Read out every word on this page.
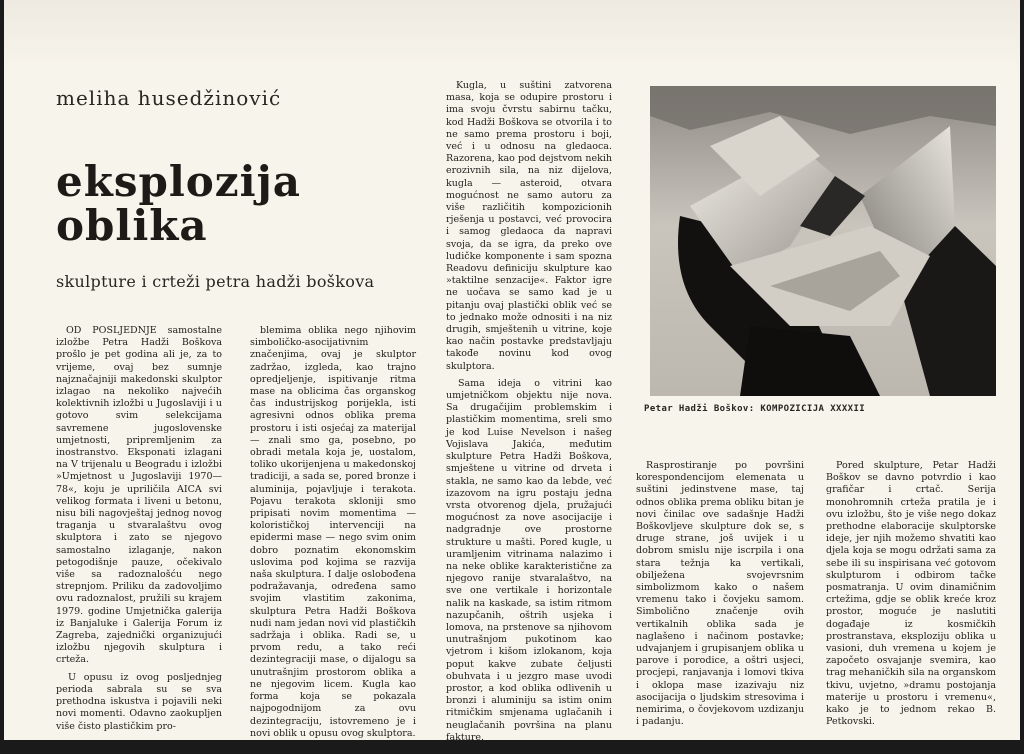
meliha husedžinović
eksplozija
oblika
skulpture i crteži petra hadži boškova

OD POSLJEDNJE samostalne izložbe Petra Hadži Boškova prošlo je pet godina ali je, za to vrijeme, ovaj bez sumnje najznačajniji makedonski skulptor izlagao na nekoliko najvećih kolektivnih izložbi u Jugoslaviji i u gotovo svim selekcijama savremene jugoslovenske umjetnosti, pripremljenim za inostranstvo. Eksponati izlagani na V trijenalu u Beogradu i izložbi »Umjetnost u Jugoslaviji 1970—78«, koju je upriličila AICA svi velikog formata i liveni u betonu, nisu bili nagovještaj jednog novog traganja u stvaralaštvu ovog skulptora i zato se njegovo samostalno izlaganje, nakon petogodišnje pauze, očekivalo više sa radoznalošću nego strepnjom. Priliku da zadovoljimo ovu radoznalost, pružili su krajem 1979. godine Umjetnička galerija iz Banjaluke i Galerija Forum iz Zagreba, zajednički organizujući izložbu njegovih skulptura i crteža.

U opusu iz ovog posljednjeg perioda sabrala su se sva prethodna iskustva i pojavili neki novi momenti. Odavno zaokupljen više čisto plastičkim pro-

blemima oblika nego njihovim simboličko-asocijativnim značenjima, ovaj je skulptor zadržao, izgleda, kao trajno opredjeljenje, ispitivanje ritma mase na oblicima čas organskog čas industrijskog porijekla, isti agresivni odnos oblika prema prostoru i isti osjećaj za materijal — znali smo ga, posebno, po obradi metala koja je, uostalom, toliko ukorijenjena u makedonskoj tradiciji, a sada se, pored bronze i aluminija, pojavljuje i terakota. Pojavu terakota skloniji smo pripisati novim momentima — kolorističkoj intervenciji na epidermi mase — nego svim onim dobro poznatim ekonomskim uslovima pod kojima se razvija naša skulptura. I dalje oslobođena podražavanja, određena samo svojim vlastitim zakonima, skulptura Petra Hadži Boškova nudi nam jedan novi vid plastičkih sadržaja i oblika. Radi se, u prvom redu, a tako reći dezintegraciji mase, o dijalogu sa unutrašnjim prostorom oblika a ne njegovim licem. Kugla kao forma koja se pokazala najpogodnijom za ovu dezintegraciju, istovremeno je i novi oblik u opusu ovog skulptora.

Kugla, u suštini zatvorena masa, koja se odupire prostoru i ima svoju čvrstu sabirnu tačku, kod Hadži Boškova se otvorila i to ne samo prema prostoru i boji, već i u odnosu na gledaoca. Razorena, kao pod dejstvom nekih erozivnih sila, na niz dijelova, kugla — asteroid, otvara mogućnost ne samo autoru za više različitih kompozicionih rješenja u postavci, već provocira i samog gledaoca da napravi svoja, da se igra, da preko ove ludičke komponente i sam spozna Readovu definiciju skulpture kao »taktilne senzacije«. Faktor igre ne uočava se samo kad je u pitanju ovaj plastički oblik već se to jednako može odnositi i na niz drugih, smještenih u vitrine, koje kao način postavke predstavljaju takođe novinu kod ovog skulptora.

Sama ideja o vitrini kao umjetničkom objektu nije nova. Sa drugačijim problemskim i plastičkim momentima, sreli smo je kod Luise Nevelson i našeg Vojislava Jakića, međutim skulpture Petra Hadži Boškova, smještene u vitrine od drveta i stakla, ne samo kao da lebde, već izazovom na igru postaju jedna vrsta otvorenog djela, pružajući mogućnost za nove asocijacije i nadgradnje ove prostorne strukture u mašti. Pored kugle, u uramljenim vitrinama nalazimo i na neke oblike karakteristične za njegovo ranije stvaralaštvo, na sve one vertikale i horizontale nalik na kaskade, sa istim ritmom nazupčanih, oštrih usjeka i lomova, na prstenove sa njihovom unutrašnjom pukotinom kao vjetrom i kišom izlokanom, koja poput kakve zubate čeljusti obuhvata i u jezgro mase uvodi prostor, a kod oblika odlivenih u bronzi i aluminiju sa istim onim ritmičkim smjenama uglačanih i neuglačanih površina na planu fakture.

Petar Hadži Boškov: KOMPOZICIJA XXXXII

Rasprostiranje po površini korespondencijom elemenata u suštini jedinstvene mase, taj odnos oblika prema obliku bitan je novi činilac ove sadašnje Hadži Boškovljeve skulpture dok se, s druge strane, još uvijek i u dobrom smislu nije iscrpila i ona stara težnja ka vertikali, obilježena svojevrsnim simbolizmom kako o našem vremenu tako i čovjeku samom. Simbolično značenje ovih vertikalnih oblika sada je naglašeno i načinom postavke; udvajanjem i grupisanjem oblika u parove i porodice, a oštri usjeci, procjepi, ranjavanja i lomovi tkiva i oklopa mase izazivaju niz asocijacija o ljudskim stresovima i nemirima, o čovjekovom uzdizanju i padanju.

Pored skulpture, Petar Hadži Boškov se davno potvrdio i kao grafičar i crtač. Serija monohromnih crteža pratila je i ovu izložbu, što je više nego dokaz prethodne elaboracije skulptorske ideje, jer njih možemo shvatiti kao djela koja se mogu održati sama za sebe ili su inspirisana već gotovom skulpturom i odbirom tačke posmatranja. U ovim dinamičnim crtežima, gdje se oblik kreće kroz prostor, moguće je naslutiti događaje iz kosmičkih prostranstava, eksploziju oblika u vasioni, duh vremena u kojem je započeto osvajanje svemira, kao trag mehaničkih sila na organskom tkivu, uvjetno, »dramu postojanja materije u prostoru i vremenu«, kako je to jednom rekao B. Petkovski.
